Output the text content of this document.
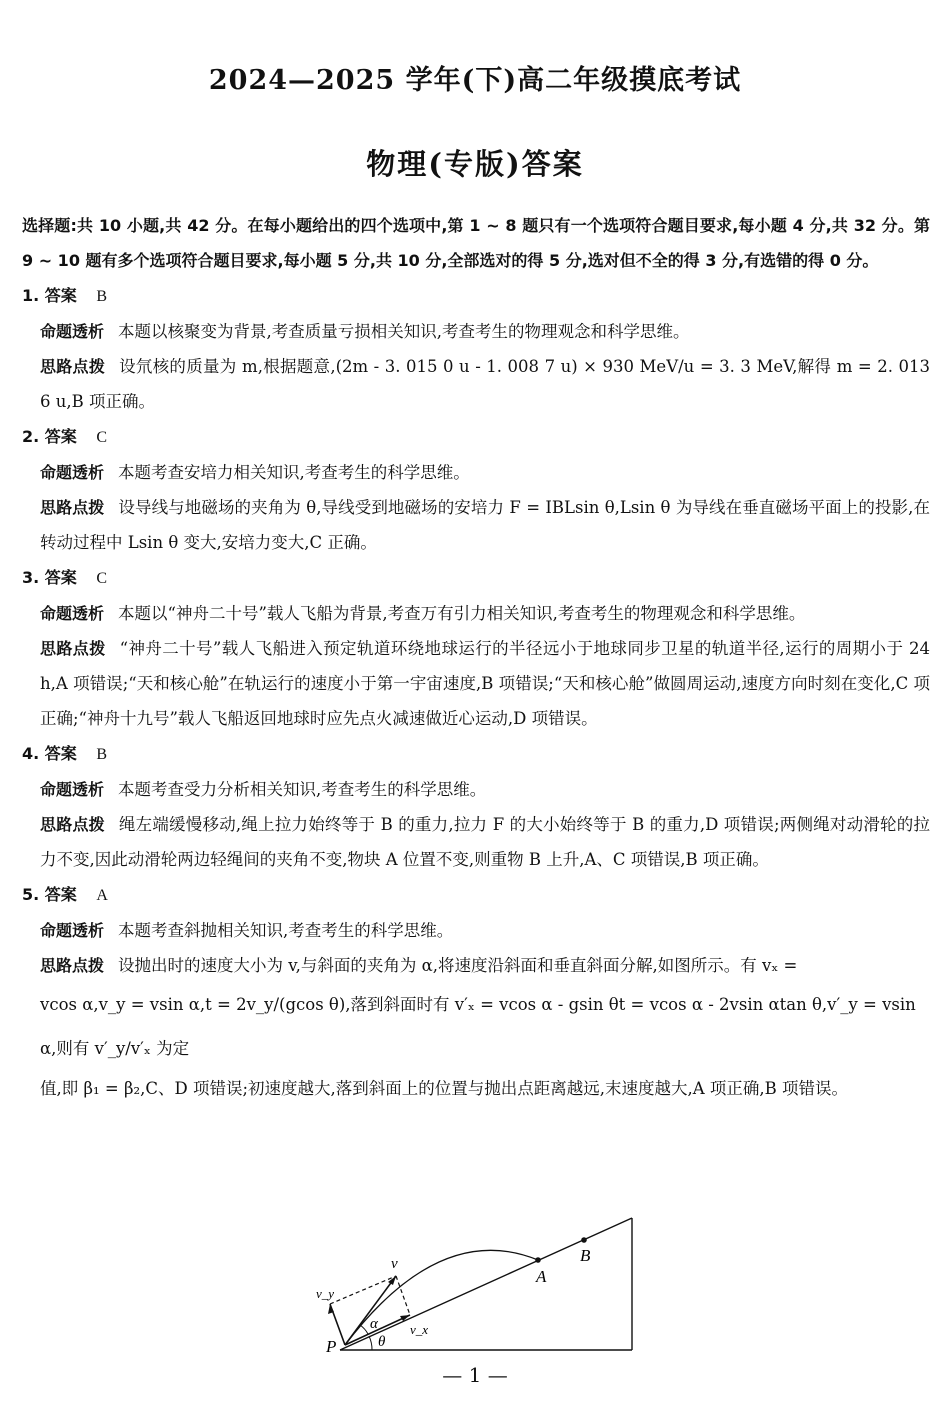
2024—2025 学年(下)高二年级摸底考试
物理(专版)答案
选择题:共 10 小题,共 42 分。在每小题给出的四个选项中,第 1 ~ 8 题只有一个选项符合题目要求,每小题 4 分,共 32 分。第 9 ~ 10 题有多个选项符合题目要求,每小题 5 分,共 10 分,全部选对的得 5 分,选对但不全的得 3 分,有选错的得 0 分。
1. 答案 B
命题透析 本题以核聚变为背景,考查质量亏损相关知识,考查考生的物理观念和科学思维。
思路点拨 设氘核的质量为 m,根据题意,(2m - 3. 015 0 u - 1. 008 7 u) × 930 MeV/u = 3. 3 MeV,解得 m = 2. 013 6 u,B 项正确。
2. 答案 C
命题透析 本题考查安培力相关知识,考查考生的科学思维。
思路点拨 设导线与地磁场的夹角为 θ,导线受到地磁场的安培力 F = IBLsin θ,Lsin θ 为导线在垂直磁场平面上的投影,在转动过程中 Lsin θ 变大,安培力变大,C 正确。
3. 答案 C
命题透析 本题以“神舟二十号”载人飞船为背景,考查万有引力相关知识,考查考生的物理观念和科学思维。
思路点拨 “神舟二十号”载人飞船进入预定轨道环绕地球运行的半径远小于地球同步卫星的轨道半径,运行的周期小于 24 h,A 项错误;“天和核心舱”在轨运行的速度小于第一宇宙速度,B 项错误;“天和核心舱”做圆周运动,速度方向时刻在变化,C 项正确;“神舟十九号”载人飞船返回地球时应先点火减速做近心运动,D 项错误。
4. 答案 B
命题透析 本题考查受力分析相关知识,考查考生的科学思维。
思路点拨 绳左端缓慢移动,绳上拉力始终等于 B 的重力,拉力 F 的大小始终等于 B 的重力,D 项错误;两侧绳对动滑轮的拉力不变,因此动滑轮两边轻绳间的夹角不变,物块 A 位置不变,则重物 B 上升,A、C 项错误,B 项正确。
5. 答案 A
命题透析 本题考查斜抛相关知识,考查考生的科学思维。
思路点拨 设抛出时的速度大小为 v,与斜面的夹角为 α,将速度沿斜面和垂直斜面分解,如图所示。有 vₓ =
vcos α,v_y = vsin α,t = 2v_y/(gcos θ),落到斜面时有 v′ₓ = vcos α - gsin θt = vcos α - 2vsin αtan θ,v′_y = vsin α,则有 v′_y/v′ₓ 为定
值,即 β₁ = β₂,C、D 项错误;初速度越大,落到斜面上的位置与抛出点距离越远,末速度越大,A 项正确,B 项错误。
P	θ
α
v
v_y
v_x
A
B
— 1 —
